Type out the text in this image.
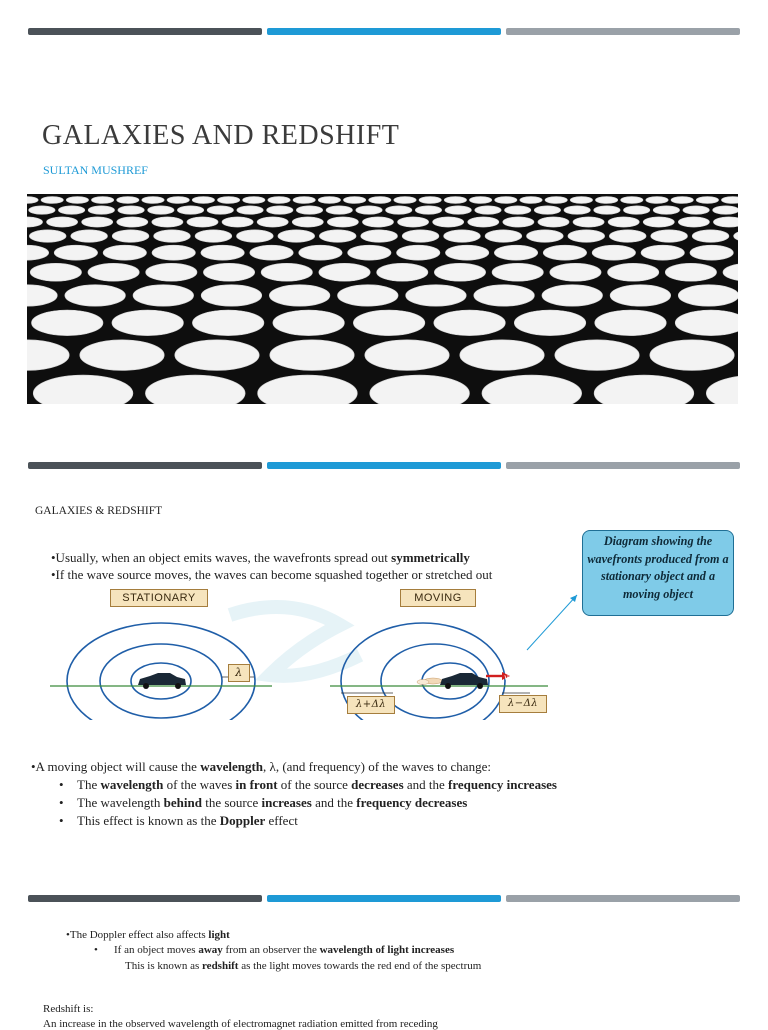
GALAXIES AND REDSHIFT
SULTAN MUSHREF
GALAXIES & REDSHIFT
•Usually, when an object emits waves, the wavefronts spread out symmetrically
•If the wave source moves, the waves can become squashed together or stretched out
Diagram showing the wavefronts produced from a stationary object and a moving object
STATIONARY	MOVING
λ
λ+Δλ	λ−Δλ
v
•A moving object will cause the wavelength, λ, (and frequency) of the waves to change:
• The wavelength of the waves in front of the source decreases and the frequency increases
• The wavelength behind the source increases and the frequency decreases
• This effect is known as the Doppler effect
•The Doppler effect also affects light
• If an object moves away from an observer the wavelength of light increases
This is known as redshift as the light moves towards the red end of the spectrum
Redshift is:
An increase in the observed wavelength of electromagnet radiation emitted from receding
